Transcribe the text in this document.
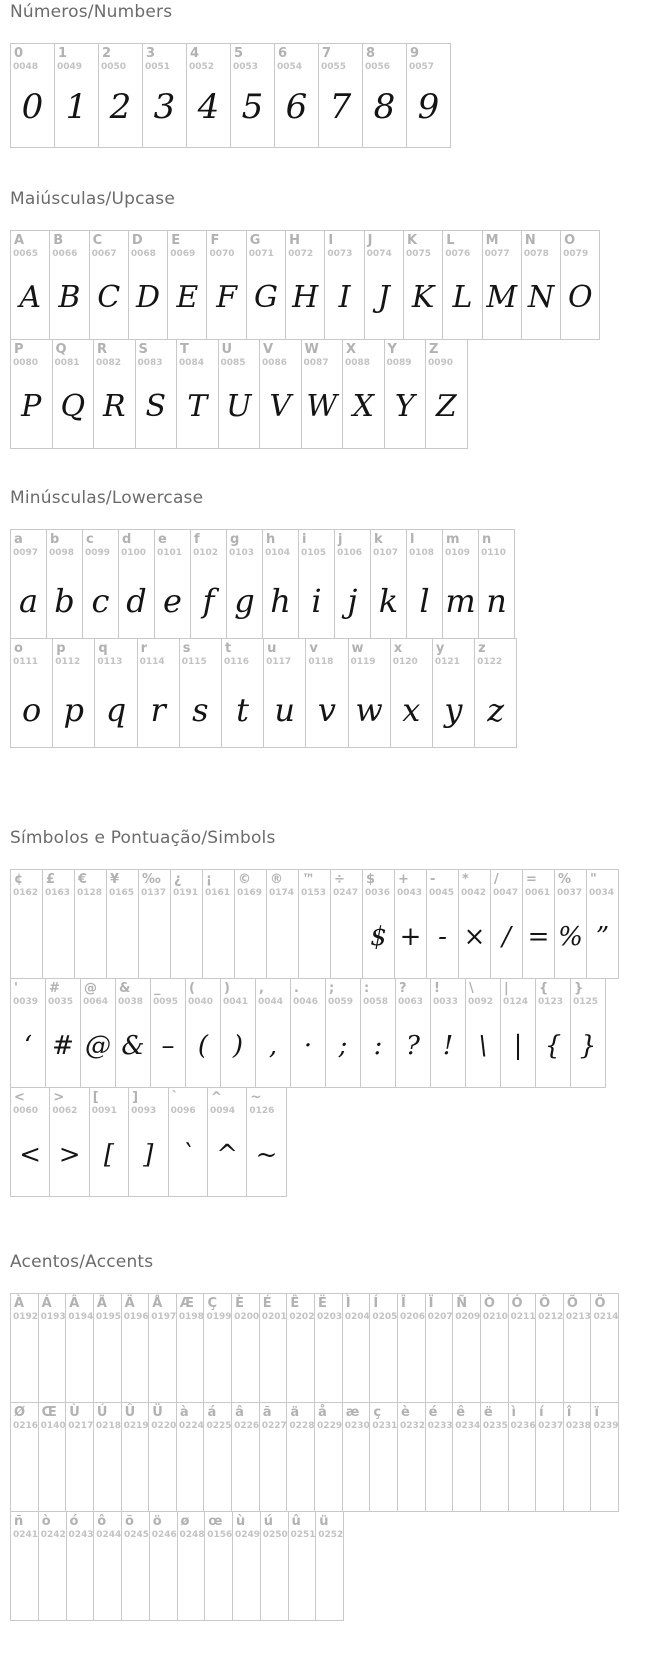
Números/Numbers
0
0048
0
1
0049
1
2
0050
2
3
0051
3
4
0052
4
5
0053
5
6
0054
6
7
0055
7
8
0056
8
9
0057
9
Maiúsculas/Upcase
A
0065
A
B
0066
B
C
0067
C
D
0068
D
E
0069
E
F
0070
F
G
0071
G
H
0072
H
I
0073
I
J
0074
J
K
0075
K
L
0076
L
M
0077
M
N
0078
N
O
0079
O
P
0080
P
Q
0081
Q
R
0082
R
S
0083
S
T
0084
T
U
0085
U
V
0086
V
W
0087
W
X
0088
X
Y
0089
Y
Z
0090
Z
Minúsculas/Lowercase
a
0097
a
b
0098
b
c
0099
c
d
0100
d
e
0101
e
f
0102
f
g
0103
g
h
0104
h
i
0105
i
j
0106
j
k
0107
k
l
0108
l
m
0109
m
n
0110
n
o
0111
o
p
0112
p
q
0113
q
r
0114
r
s
0115
s
t
0116
t
u
0117
u
v
0118
v
w
0119
w
x
0120
x
y
0121
y
z
0122
z
Símbolos e Pontuação/Simbols
¢
0162
£
0163
€
0128
¥
0165
‰
0137
¿
0191
¡
0161
©
0169
®
0174
™
0153
÷
0247
$
0036
$
+
0043
+
-
0045
-
*
0042
×
/
0047
/
=
0061
=
%
0037
%
"
0034
”
'
0039
‘
#
0035
#
@
0064
@
&
0038
&
_
0095
–
(
0040
(
)
0041
)
,
0044
,
.
0046
·
;
0059
;
:
0058
:
?
0063
?
!
0033
!
\
0092
\
|
0124
|
{
0123
{
}
0125
}
<
0060
<
>
0062
>
[
0091
[
]
0093
]
`
0096
`
^
0094
^
~
0126
~
Acentos/Accents
À
0192
Á
0193
Â
0194
Ã
0195
Ä
0196
Å
0197
Æ
0198
Ç
0199
È
0200
É
0201
Ê
0202
Ë
0203
Ì
0204
Í
0205
Î
0206
Ï
0207
Ñ
0209
Ò
0210
Ó
0211
Ô
0212
Õ
0213
Ö
0214
Ø
0216
Œ
0140
Ù
0217
Ú
0218
Û
0219
Ü
0220
à
0224
á
0225
â
0226
ã
0227
ä
0228
å
0229
æ
0230
ç
0231
è
0232
é
0233
ê
0234
ë
0235
ì
0236
í
0237
î
0238
ï
0239
ñ
0241
ò
0242
ó
0243
ô
0244
õ
0245
ö
0246
ø
0248
œ
0156
ù
0249
ú
0250
û
0251
ü
0252
